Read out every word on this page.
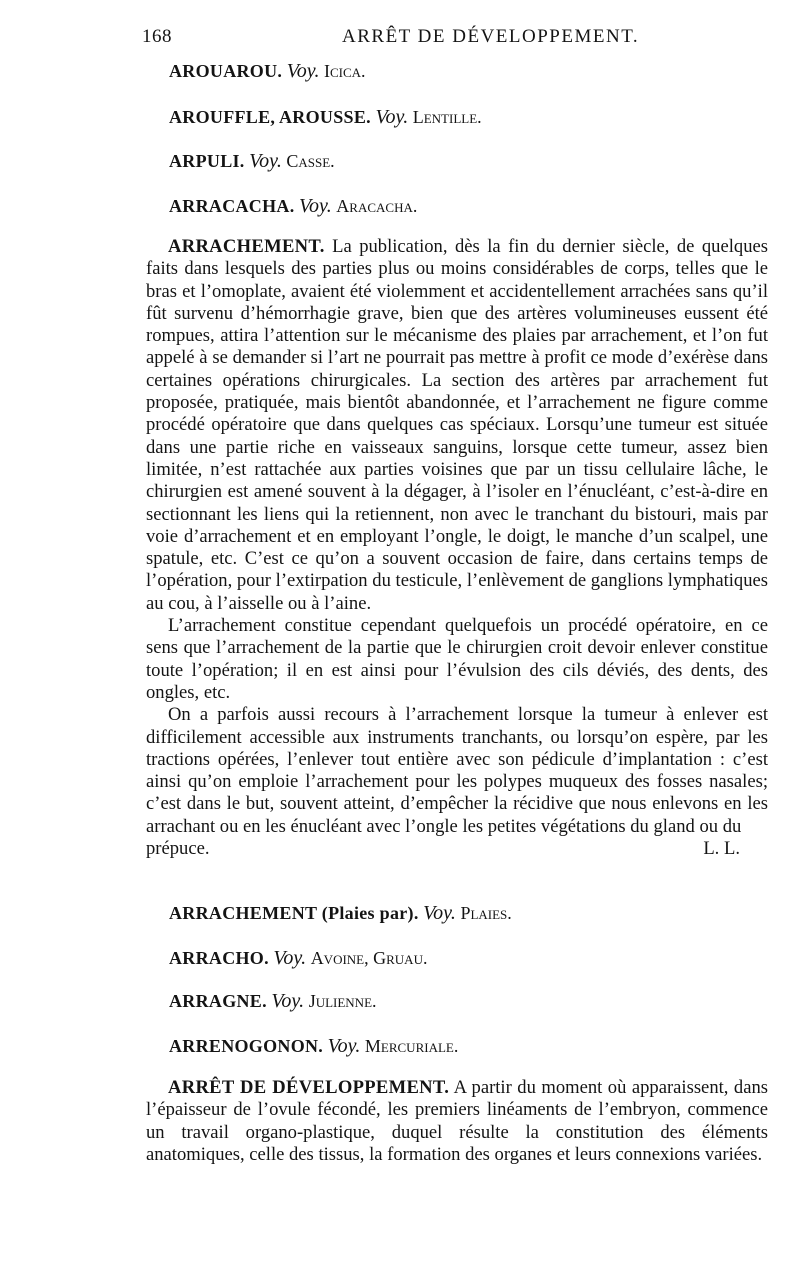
168	ARRÊT DE DÉVELOPPEMENT.
AROUAROU. Voy. Icica.
AROUFFLE, AROUSSE. Voy. Lentille.
ARPULI. Voy. Casse.
ARRACACHA. Voy. Aracacha.

ARRACHEMENT. La publication, dès la fin du dernier siècle, de quelques faits dans lesquels des parties plus ou moins considérables de corps, telles que le bras et l’omoplate, avaient été violemment et accidentellement arrachées sans qu’il fût survenu d’hémorrhagie grave, bien que des artères volumineuses eussent été rompues, attira l’attention sur le mécanisme des plaies par arrachement, et l’on fut appelé à se demander si l’art ne pourrait pas mettre à profit ce mode d’exérèse dans certaines opérations chirurgicales. La section des artères par arrachement fut proposée, pratiquée, mais bientôt abandonnée, et l’arrachement ne figure comme procédé opératoire que dans quelques cas spéciaux. Lorsqu’une tumeur est située dans une partie riche en vaisseaux sanguins, lorsque cette tumeur, assez bien limitée, n’est rattachée aux parties voisines que par un tissu cellulaire lâche, le chirurgien est amené souvent à la dégager, à l’isoler en l’énucléant, c’est-à-dire en sectionnant les liens qui la retiennent, non avec le tranchant du bistouri, mais par voie d’arrachement et en employant l’ongle, le doigt, le manche d’un scalpel, une spatule, etc. C’est ce qu’on a souvent occasion de faire, dans certains temps de l’opération, pour l’extirpation du testicule, l’enlèvement de ganglions lymphatiques au cou, à l’aisselle ou à l’aine.

L’arrachement constitue cependant quelquefois un procédé opératoire, en ce sens que l’arrachement de la partie que le chirurgien croit devoir enlever constitue toute l’opération; il en est ainsi pour l’évulsion des cils déviés, des dents, des ongles, etc.

On a parfois aussi recours à l’arrachement lorsque la tumeur à enlever est difficilement accessible aux instruments tranchants, ou lorsqu’on espère, par les tractions opérées, l’enlever tout entière avec son pédicule d’implantation : c’est ainsi qu’on emploie l’arrachement pour les polypes muqueux des fosses nasales; c’est dans le but, souvent atteint, d’empêcher la récidive que nous enlevons en les arrachant ou en les énucléant avec l’ongle les petites végétations du gland ou du

prépuce.	L. L.
ARRACHEMENT (Plaies par). Voy. Plaies.
ARRACHO. Voy. Avoine, Gruau.
ARRAGNE. Voy. Julienne.
ARRENOGONON. Voy. Mercuriale.

ARRÊT DE DÉVELOPPEMENT. A partir du moment où apparaissent, dans l’épaisseur de l’ovule fécondé, les premiers linéaments de l’embryon, commence un travail organo-plastique, duquel résulte la constitution des éléments anatomiques, celle des tissus, la formation des organes et leurs connexions variées.
